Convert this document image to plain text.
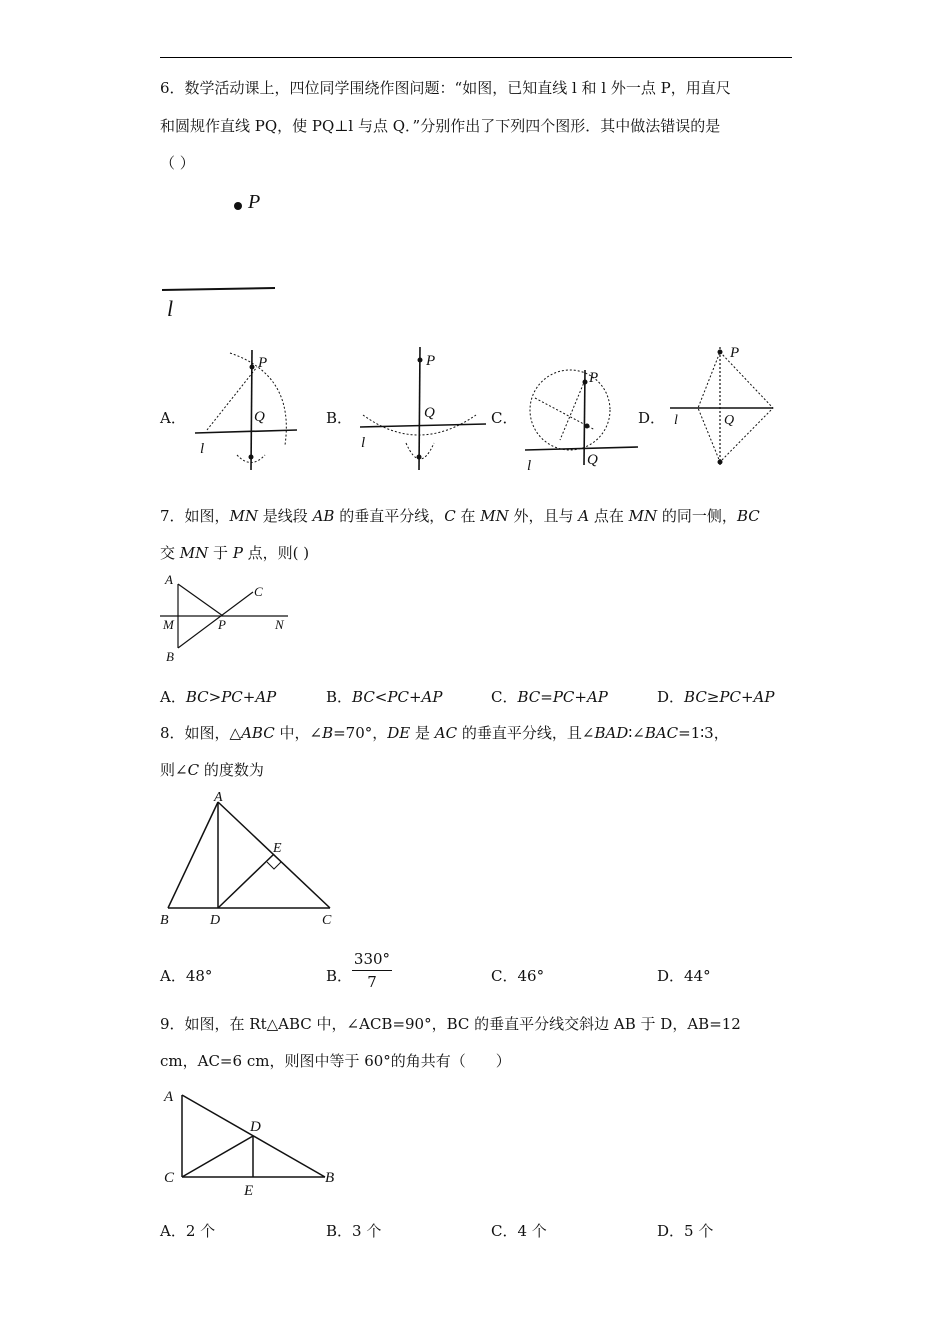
6．数学活动课上，四位同学围绕作图问题：“如图，已知直线 l 和 l 外一点 P，用直尺
和圆规作直线 PQ，使 PQ⊥l 与点 Q．”分别作出了下列四个图形．其中做法错误的是
（ ）
P
l
A．	B．	C．	D．
P
Q
l
P
Q
l
P
Q
l
P
Q
l
7．如图，MN 是线段 AB 的垂直平分线，C 在 MN 外，且与 A 点在 MN 的同一侧，BC
交 MN 于 P 点，则( )
A
B
C
M	N
P
A．BC>PC+AP	B．BC<PC+AP	C．BC=PC+AP	D．BC≥PC+AP
8．如图，△ABC 中，∠B=70°，DE 是 AC 的垂直平分线，且∠BAD∶∠BAC=1∶3，
则∠C 的度数为
A
B	D	C
E
A．48°	B．
330°
7	C．46°	D．44°
9．如图，在 Rt△ABC 中，∠ACB=90°，BC 的垂直平分线交斜边 AB 于 D，AB=12
cm，AC=6 cm，则图中等于 60°的角共有（　　）
A
C	B
D
E
A．2 个	B．3 个	C．4 个	D．5 个
